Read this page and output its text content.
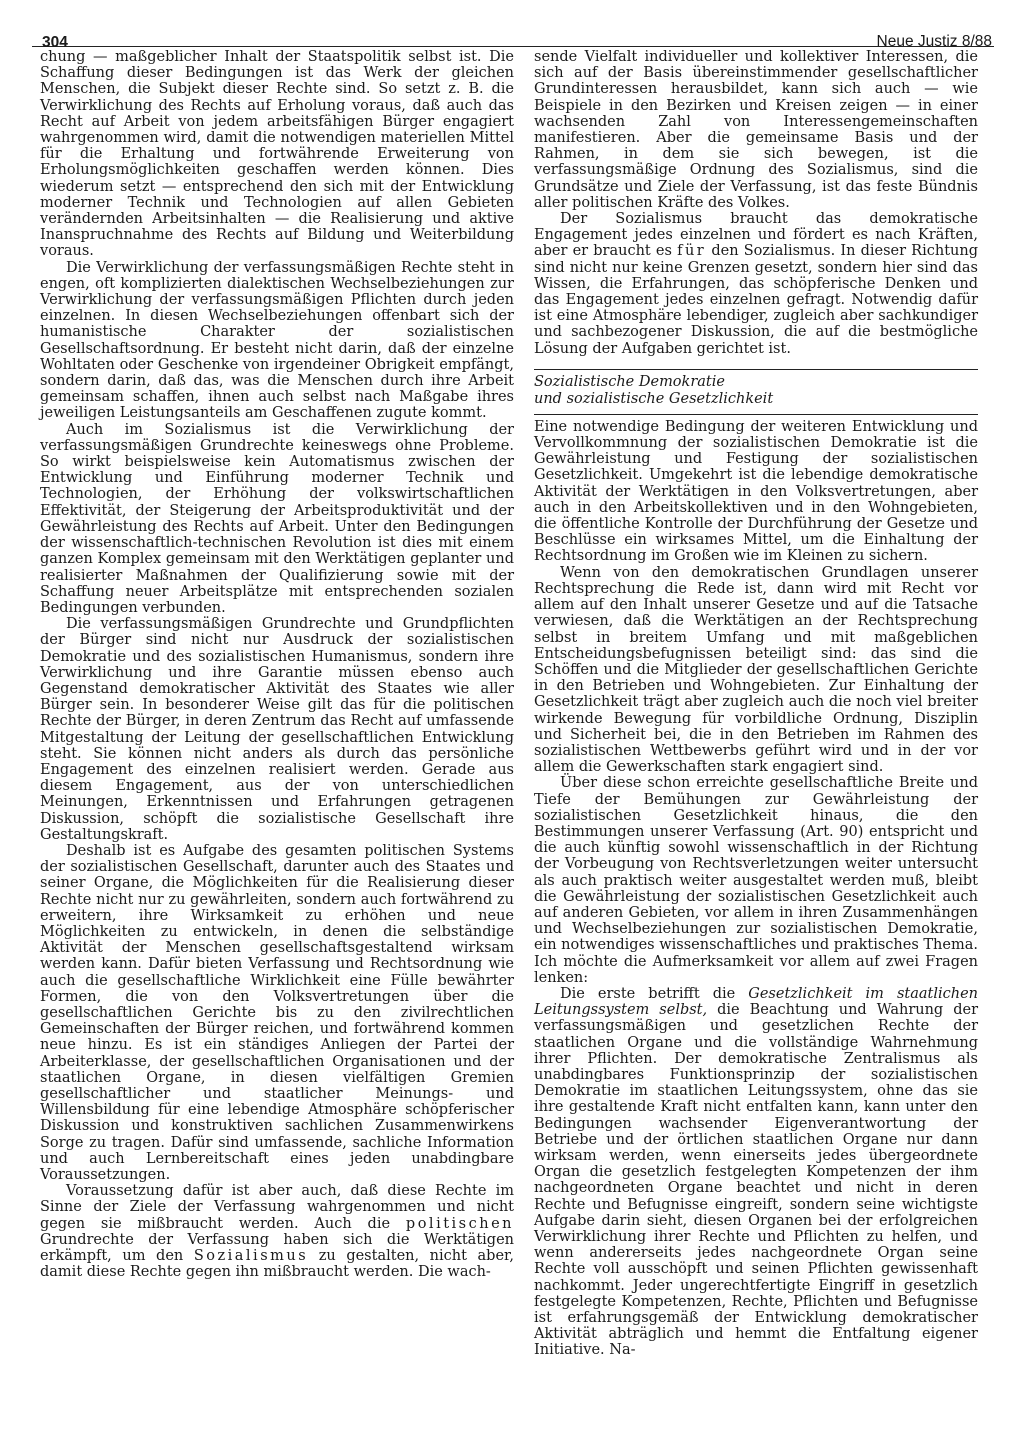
304	Neue Justiz 8/88

chung — maßgeblicher Inhalt der Staatspolitik selbst ist. Die Schaffung dieser Bedingungen ist das Werk der gleichen Menschen, die Subjekt dieser Rechte sind. So setzt z. B. die Verwirklichung des Rechts auf Erholung voraus, daß auch das Recht auf Arbeit von jedem arbeitsfähigen Bürger engagiert wahrgenommen wird, damit die notwendigen materiellen Mittel für die Erhaltung und fortwährende Erweiterung von Erholungsmöglichkeiten geschaffen werden können. Dies wiederum setzt — entsprechend den sich mit der Entwicklung moderner Technik und Technologien auf allen Gebieten verändernden Arbeitsinhalten — die Realisierung und aktive Inanspruchnahme des Rechts auf Bildung und Weiterbildung voraus.

Die Verwirklichung der verfassungsmäßigen Rechte steht in engen, oft komplizierten dialektischen Wechselbeziehungen zur Verwirklichung der verfassungsmäßigen Pflichten durch jeden einzelnen. In diesen Wechselbeziehungen offenbart sich der humanistische Charakter der sozialistischen Gesellschaftsordnung. Er besteht nicht darin, daß der einzelne Wohltaten oder Geschenke von irgendeiner Obrigkeit empfängt, sondern darin, daß das, was die Menschen durch ihre Arbeit gemeinsam schaffen, ihnen auch selbst nach Maßgabe ihres jeweiligen Leistungsanteils am Geschaffenen zugute kommt.

Auch im Sozialismus ist die Verwirklichung der verfassungsmäßigen Grundrechte keineswegs ohne Probleme. So wirkt beispielsweise kein Automatismus zwischen der Entwicklung und Einführung moderner Technik und Technologien, der Erhöhung der volkswirtschaftlichen Effektivität, der Steigerung der Arbeitsproduktivität und der Gewährleistung des Rechts auf Arbeit. Unter den Bedingungen der wissenschaftlich-technischen Revolution ist dies mit einem ganzen Komplex gemeinsam mit den Werktätigen geplanter und realisierter Maßnahmen der Qualifizierung sowie mit der Schaffung neuer Arbeitsplätze mit entsprechenden sozialen Bedingungen verbunden.

Die verfassungsmäßigen Grundrechte und Grundpflichten der Bürger sind nicht nur Ausdruck der sozialistischen Demokratie und des sozialistischen Humanismus, sondern ihre Verwirklichung und ihre Garantie müssen ebenso auch Gegenstand demokratischer Aktivität des Staates wie aller Bürger sein. In besonderer Weise gilt das für die politischen Rechte der Bürger, in deren Zentrum das Recht auf umfassende Mitgestaltung der Leitung der gesellschaftlichen Entwicklung steht. Sie können nicht anders als durch das persönliche Engagement des einzelnen realisiert werden. Gerade aus diesem Engagement, aus der von unterschiedlichen Meinungen, Erkenntnissen und Erfahrungen getragenen Diskussion, schöpft die sozialistische Gesellschaft ihre Gestaltungskraft.

Deshalb ist es Aufgabe des gesamten politischen Systems der sozialistischen Gesellschaft, darunter auch des Staates und seiner Organe, die Möglichkeiten für die Realisierung dieser Rechte nicht nur zu gewährleiten, sondern auch fortwährend zu erweitern, ihre Wirksamkeit zu erhöhen und neue Möglichkeiten zu entwickeln, in denen die selbständige Aktivität der Menschen gesellschaftsgestaltend wirksam werden kann. Dafür bieten Verfassung und Rechtsordnung wie auch die gesellschaftliche Wirklichkeit eine Fülle bewährter Formen, die von den Volksvertretungen über die gesellschaftlichen Gerichte bis zu den zivilrechtlichen Gemeinschaften der Bürger reichen, und fortwährend kommen neue hinzu. Es ist ein ständiges Anliegen der Partei der Arbeiterklasse, der gesellschaftlichen Organisationen und der staatlichen Organe, in diesen vielfältigen Gremien gesellschaftlicher und staatlicher Meinungs- und Willensbildung für eine lebendige Atmosphäre schöpferischer Diskussion und konstruktiven sachlichen Zusammenwirkens Sorge zu tragen. Dafür sind umfassende, sachliche Information und auch Lernbereitschaft eines jeden unabdingbare Voraussetzungen.

Voraussetzung dafür ist aber auch, daß diese Rechte im Sinne der Ziele der Verfassung wahrgenommen und nicht gegen sie mißbraucht werden. Auch die politischen Grundrechte der Verfassung haben sich die Werktätigen erkämpft, um den Sozialismus zu gestalten, nicht aber, damit diese Rechte gegen ihn mißbraucht werden. Die wach-

sende Vielfalt individueller und kollektiver Interessen, die sich auf der Basis übereinstimmender gesellschaftlicher Grundinteressen herausbildet, kann sich auch — wie Beispiele in den Bezirken und Kreisen zeigen — in einer wachsenden Zahl von Interessengemeinschaften manifestieren. Aber die gemeinsame Basis und der Rahmen, in dem sie sich bewegen, ist die verfassungsmäßige Ordnung des Sozialismus, sind die Grundsätze und Ziele der Verfassung, ist das feste Bündnis aller politischen Kräfte des Volkes.

Der Sozialismus braucht das demokratische Engagement jedes einzelnen und fördert es nach Kräften, aber er braucht es für den Sozialismus. In dieser Richtung sind nicht nur keine Grenzen gesetzt, sondern hier sind das Wissen, die Erfahrungen, das schöpferische Denken und das Engagement jedes einzelnen gefragt. Notwendig dafür ist eine Atmosphäre lebendiger, zugleich aber sachkundiger und sachbezogener Diskussion, die auf die bestmögliche Lösung der Aufgaben gerichtet ist.

Sozialistische Demokratie
und sozialistische Gesetzlichkeit

Eine notwendige Bedingung der weiteren Entwicklung und Vervollkommnung der sozialistischen Demokratie ist die Gewährleistung und Festigung der sozialistischen Gesetzlichkeit. Umgekehrt ist die lebendige demokratische Aktivität der Werktätigen in den Volksvertretungen, aber auch in den Arbeitskollektiven und in den Wohngebieten, die öffentliche Kontrolle der Durchführung der Gesetze und Beschlüsse ein wirksames Mittel, um die Einhaltung der Rechtsordnung im Großen wie im Kleinen zu sichern.

Wenn von den demokratischen Grundlagen unserer Rechtsprechung die Rede ist, dann wird mit Recht vor allem auf den Inhalt unserer Gesetze und auf die Tatsache verwiesen, daß die Werktätigen an der Rechtsprechung selbst in breitem Umfang und mit maßgeblichen Entscheidungsbefugnissen beteiligt sind: das sind die Schöffen und die Mitglieder der gesellschaftlichen Gerichte in den Betrieben und Wohngebieten. Zur Einhaltung der Gesetzlichkeit trägt aber zugleich auch die noch viel breiter wirkende Bewegung für vorbildliche Ordnung, Disziplin und Sicherheit bei, die in den Betrieben im Rahmen des sozialistischen Wettbewerbs geführt wird und in der vor allem die Gewerkschaften stark engagiert sind.

Über diese schon erreichte gesellschaftliche Breite und Tiefe der Bemühungen zur Gewährleistung der sozialistischen Gesetzlichkeit hinaus, die den Bestimmungen unserer Verfassung (Art. 90) entspricht und die auch künftig sowohl wissenschaftlich in der Richtung der Vorbeugung von Rechtsverletzungen weiter untersucht als auch praktisch weiter ausgestaltet werden muß, bleibt die Gewährleistung der sozialistischen Gesetzlichkeit auch auf anderen Gebieten, vor allem in ihren Zusammenhängen und Wechselbeziehungen zur sozialistischen Demokratie, ein notwendiges wissenschaftliches und praktisches Thema. Ich möchte die Aufmerksamkeit vor allem auf zwei Fragen lenken:

Die erste betrifft die Gesetzlichkeit im staatlichen Leitungssystem selbst, die Beachtung und Wahrung der verfassungsmäßigen und gesetzlichen Rechte der staatlichen Organe und die vollständige Wahrnehmung ihrer Pflichten. Der demokratische Zentralismus als unabdingbares Funktionsprinzip der sozialistischen Demokratie im staatlichen Leitungssystem, ohne das sie ihre gestaltende Kraft nicht entfalten kann, kann unter den Bedingungen wachsender Eigenverantwortung der Betriebe und der örtlichen staatlichen Organe nur dann wirksam werden, wenn einerseits jedes übergeordnete Organ die gesetzlich festgelegten Kompetenzen der ihm nachgeordneten Organe beachtet und nicht in deren Rechte und Befugnisse eingreift, sondern seine wichtigste Aufgabe darin sieht, diesen Organen bei der erfolgreichen Verwirklichung ihrer Rechte und Pflichten zu helfen, und wenn andererseits jedes nachgeordnete Organ seine Rechte voll ausschöpft und seinen Pflichten gewissenhaft nachkommt. Jeder ungerechtfertigte Eingriff in gesetzlich festgelegte Kompetenzen, Rechte, Pflichten und Befugnisse ist erfahrungsgemäß der Entwicklung demokratischer Aktivität abträglich und hemmt die Entfaltung eigener Initiative. Na-
